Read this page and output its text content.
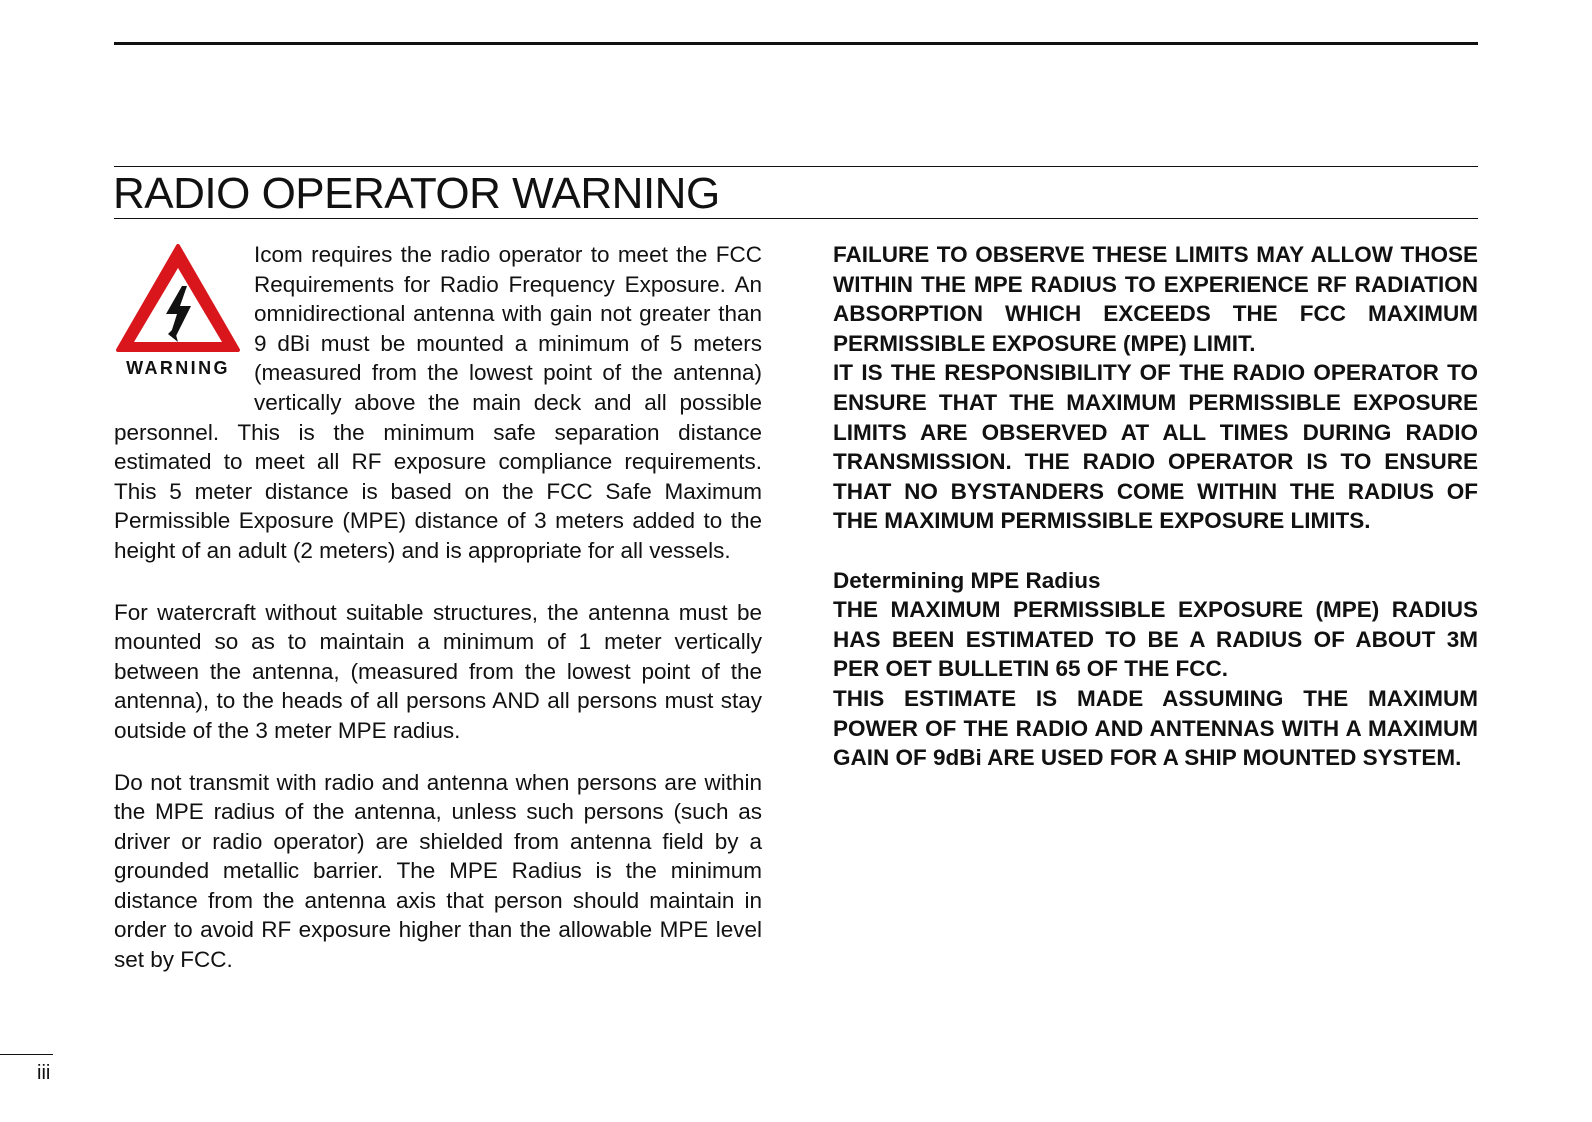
RADIO OPERATOR WARNING

WARNING
Icom requires the radio operator to meet the FCC Requirements for Radio Frequency Exposure. An omnidirectional antenna with gain not greater than 9 dBi must be mounted a minimum of 5 meters (measured from the lowest point of the antenna) vertically above the main deck and all possible personnel. This is the minimum safe separation distance estimated to meet all RF exposure compliance requirements. This 5 meter distance is based on the FCC Safe Maximum Permissible Exposure (MPE) distance of 3 meters added to the height of an adult (2 meters) and is appropriate for all vessels.

For watercraft without suitable structures, the antenna must be mounted so as to maintain a minimum of 1 meter vertically between the antenna, (measured from the lowest point of the antenna), to the heads of all persons AND all persons must stay outside of the 3 meter MPE radius.

Do not transmit with radio and antenna when persons are within the MPE radius of the antenna, unless such persons (such as driver or radio operator) are shielded from antenna field by a grounded metallic barrier. The MPE Radius is the minimum distance from the antenna axis that person should maintain in order to avoid RF exposure higher than the allowable MPE level set by FCC.

FAILURE TO OBSERVE THESE LIMITS MAY ALLOW THOSE WITHIN THE MPE RADIUS TO EXPERIENCE RF RADIATION ABSORPTION WHICH EXCEEDS THE FCC MAXIMUM PERMISSIBLE EXPOSURE (MPE) LIMIT.

IT IS THE RESPONSIBILITY OF THE RADIO OPERATOR TO ENSURE THAT THE MAXIMUM PERMISSIBLE EXPOSURE LIMITS ARE OBSERVED AT ALL TIMES DURING RADIO TRANSMISSION. THE RADIO OPERATOR IS TO ENSURE THAT NO BYSTANDERS COME WITHIN THE RADIUS OF THE MAXIMUM PERMISSIBLE EXPOSURE LIMITS.

Determining MPE Radius

THE MAXIMUM PERMISSIBLE EXPOSURE (MPE) RADIUS HAS BEEN ESTIMATED TO BE A RADIUS OF ABOUT 3M PER OET BULLETIN 65 OF THE FCC.

THIS ESTIMATE IS MADE ASSUMING THE MAXIMUM POWER OF THE RADIO AND ANTENNAS WITH A MAXIMUM GAIN OF 9dBi ARE USED FOR A SHIP MOUNTED SYSTEM.

iii
